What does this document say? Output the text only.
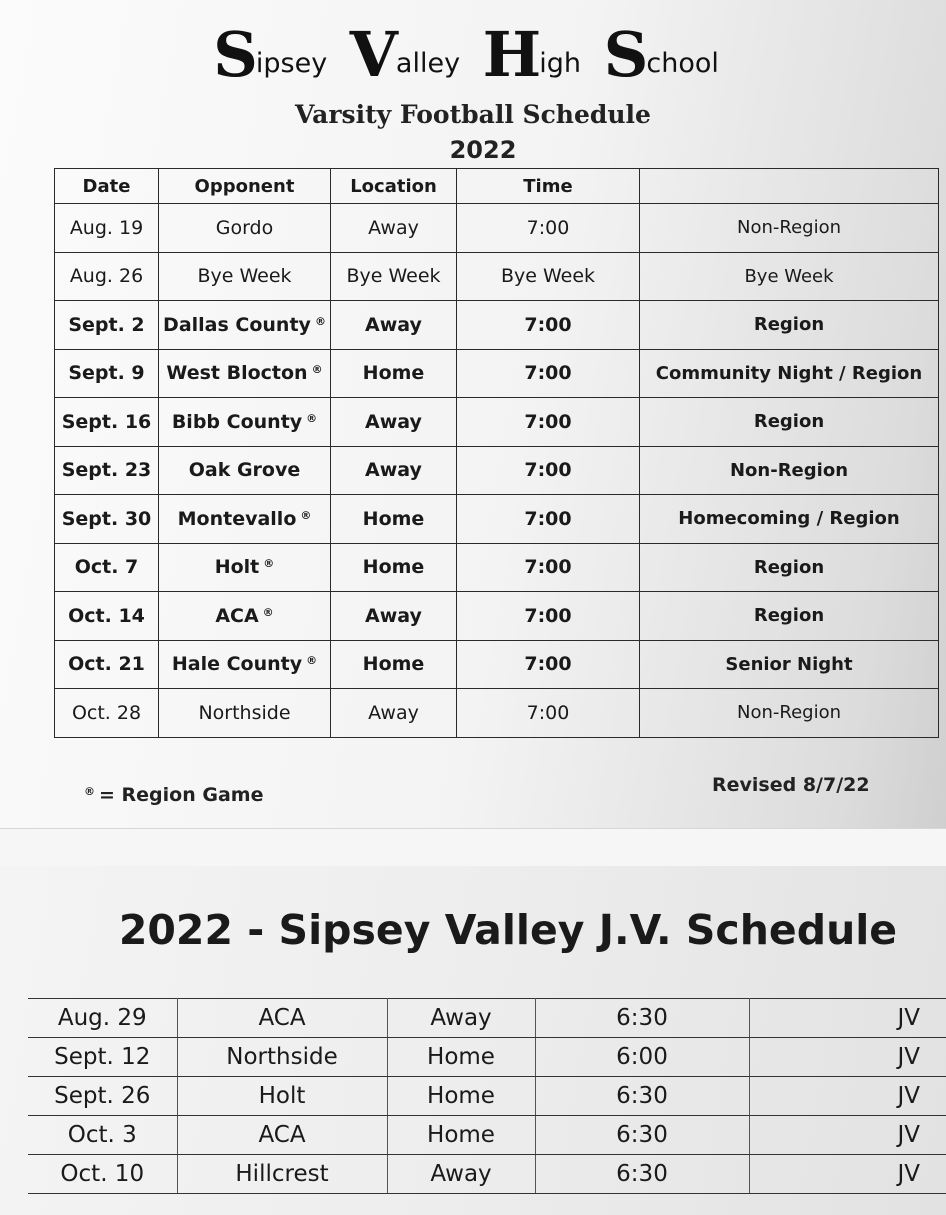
Sipsey Valley High School
Varsity Football Schedule
2022
Date	Opponent	Location	Time	
Aug. 19	Gordo	Away	7:00	Non-Region
Aug. 26	Bye Week	Bye Week	Bye Week	Bye Week
Sept. 2	Dallas County ®	Away	7:00	Region
Sept. 9	West Blocton ®	Home	7:00	Community Night / Region
Sept. 16	Bibb County ®	Away	7:00	Region
Sept. 23	Oak Grove	Away	7:00	Non-Region
Sept. 30	Montevallo ®	Home	7:00	Homecoming / Region
Oct. 7	Holt ®	Home	7:00	Region
Oct. 14	ACA ®	Away	7:00	Region
Oct. 21	Hale County ®	Home	7:00	Senior Night
Oct. 28	Northside	Away	7:00	Non-Region
® = Region Game	Revised 8/7/22
2022 - Sipsey Valley J.V. Schedule
Aug. 29	ACA	Away	6:30	JV
Sept. 12	Northside	Home	6:00	JV
Sept. 26	Holt	Home	6:30	JV
Oct. 3	ACA	Home	6:30	JV
Oct. 10	Hillcrest	Away	6:30	JV
